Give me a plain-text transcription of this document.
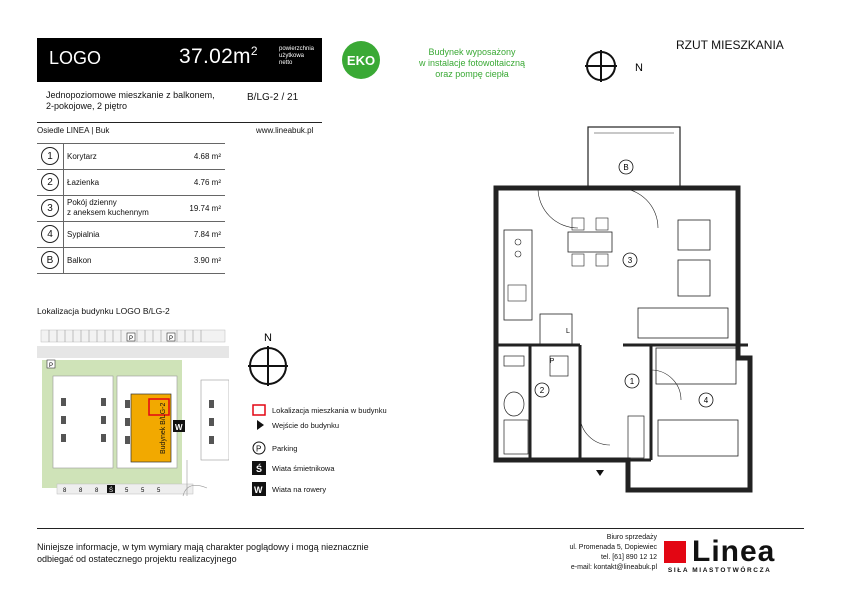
LOGO	$37.02m^2$	powierzchnia
użytkowa
netto
Jednopoziomowe mieszkanie z balkonem,
2-pokojowe, 2 piętro
B/LG-2 / 21
Osiedle LINEA | Buk	www.lineabuk.pl
EKO
Budynek wyposażony
w instalacje fotowoltaiczną
oraz pompę ciepła	N
RZUT MIESZKANIA
1	Korytarz	4.68 m²
2	Łazienka	4.76 m²
3	Pokój dzienny
z aneksem kuchennym	19.74 m²
4	Sypialnia	7.84 m²
B	Balkon	3.90 m²
Lokalizacja budynku LOGO B/LG-2
Budynek B/LG-2 W
P	P
P
8 8 8 Ś 5 5 5
N
Lokalizacja mieszkania w budynku
Wejście do budynku
P Parking
Ś Wiata śmietnikowa
W Wiata na rowery
B
3
2
1
4
L
P
Niniejsze informacje, w tym wymiary mają charakter poglądowy i mogą nieznacznie
odbiegać od ostatecznego projektu realizacyjnego
Biuro sprzedaży
ul. Promenada 5, Dopiewiec
tel. [61] 890 12 12
e-mail: kontakt@lineabuk.pl Linea
SIŁA MIASTOTWÓRCZA
